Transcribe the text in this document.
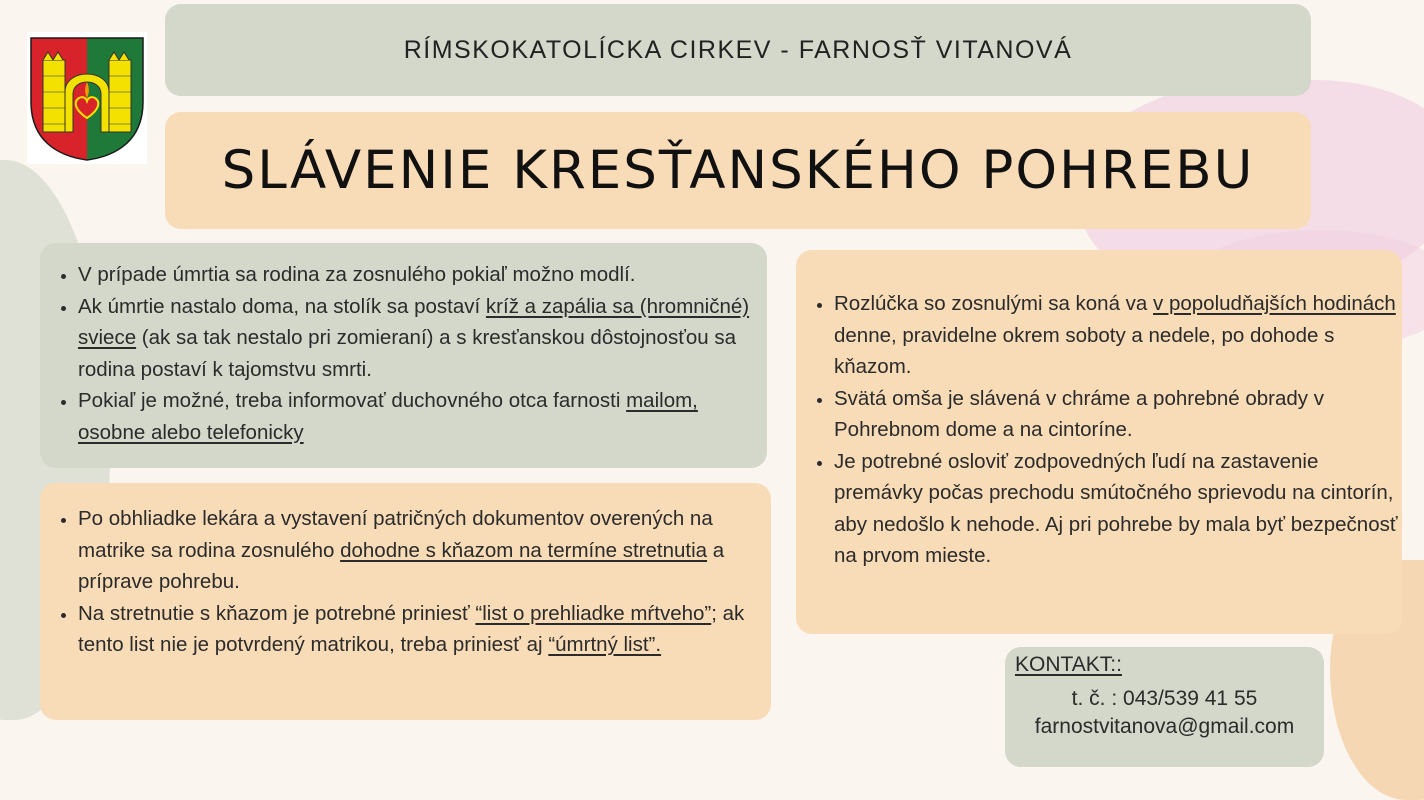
RÍMSKOKATOLÍCKA CIRKEV - FARNOSŤ VITANOVÁ
SLÁVENIE KRESŤANSKÉHO POHREBU
• V prípade úmrtia sa rodina za zosnulého pokiaľ možno modlí.
• Ak úmrtie nastalo doma, na stolík sa postaví kríž a zapália sa (hromničné) sviece (ak sa tak nestalo pri zomieraní) a s kresťanskou dôstojnosťou sa rodina postaví k tajomstvu smrti.
• Pokiaľ je možné, treba informovať duchovného otca farnosti mailom, osobne alebo telefonicky
• Po obhliadke lekára a vystavení patričných dokumentov overených na matrike sa rodina zosnulého dohodne s kňazom na termíne stretnutia a príprave pohrebu.
• Na stretnutie s kňazom je potrebné priniesť “list o prehliadke mŕtveho”; ak tento list nie je potvrdený matrikou, treba priniesť aj “úmrtný list”.
• Rozlúčka so zosnulými sa koná va v popoludňajších hodinách denne, pravidelne okrem soboty a nedele, po dohode s kňazom.
• Svätá omša je slávená v chráme a pohrebné obrady v Pohrebnom dome a na cintoríne.
• Je potrebné osloviť zodpovedných ľudí na zastavenie premávky počas prechodu smútočného sprievodu na cintorín, aby nedošlo k nehode. Aj pri pohrebe by mala byť bezpečnosť na prvom mieste.
KONTAKT::
t. č. : 043/539 41 55
farnostvitanova@gmail.com
